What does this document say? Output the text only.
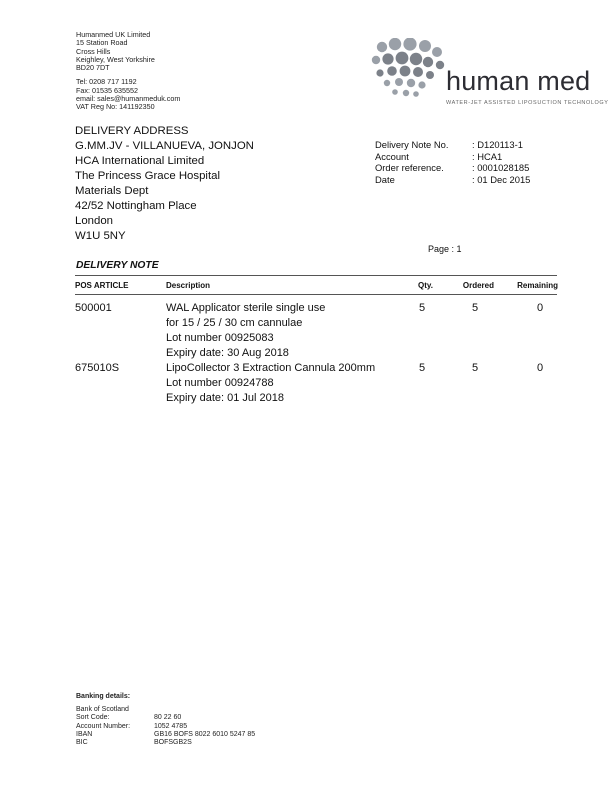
Humanmed UK Limited
15 Station Road
Cross Hills
Keighley, West Yorkshire
BD20 7DT
Tel: 0208 717 1192
Fax: 01535 635552
email: sales@humanmeduk.com
VAT Reg No: 141192350
human med
WATER-JET ASSISTED LIPOSUCTION TECHNOLOGY
DELIVERY ADDRESS
G.MM.JV - VILLANUEVA, JONJON
HCA International Limited
The Princess Grace Hospital
Materials Dept
42/52 Nottingham Place
London
W1U 5NY
Delivery Note No.	: D120113-1
Account	: HCA1
Order reference.	: 0001028185
Date	: 01 Dec 2015
Page : 1
DELIVERY NOTE
POS ARTICLE	Description	Qty.	Ordered	Remaining
500001	WAL Applicator sterile single use
for 15 / 25 / 30 cm cannulae
Lot number 00925083
Expiry date: 30 Aug 2018
5	5	0
675010S	LipoCollector 3 Extraction Cannula 200mm
Lot number 00924788
Expiry date: 01 Jul 2018
5	5	0
Banking details:
Bank of Scotland
Sort Code:	80 22 60
Account Number:	1052 4785
IBAN	GB16 BOFS 8022 6010 5247 85
BIC	BOFSGB2S
